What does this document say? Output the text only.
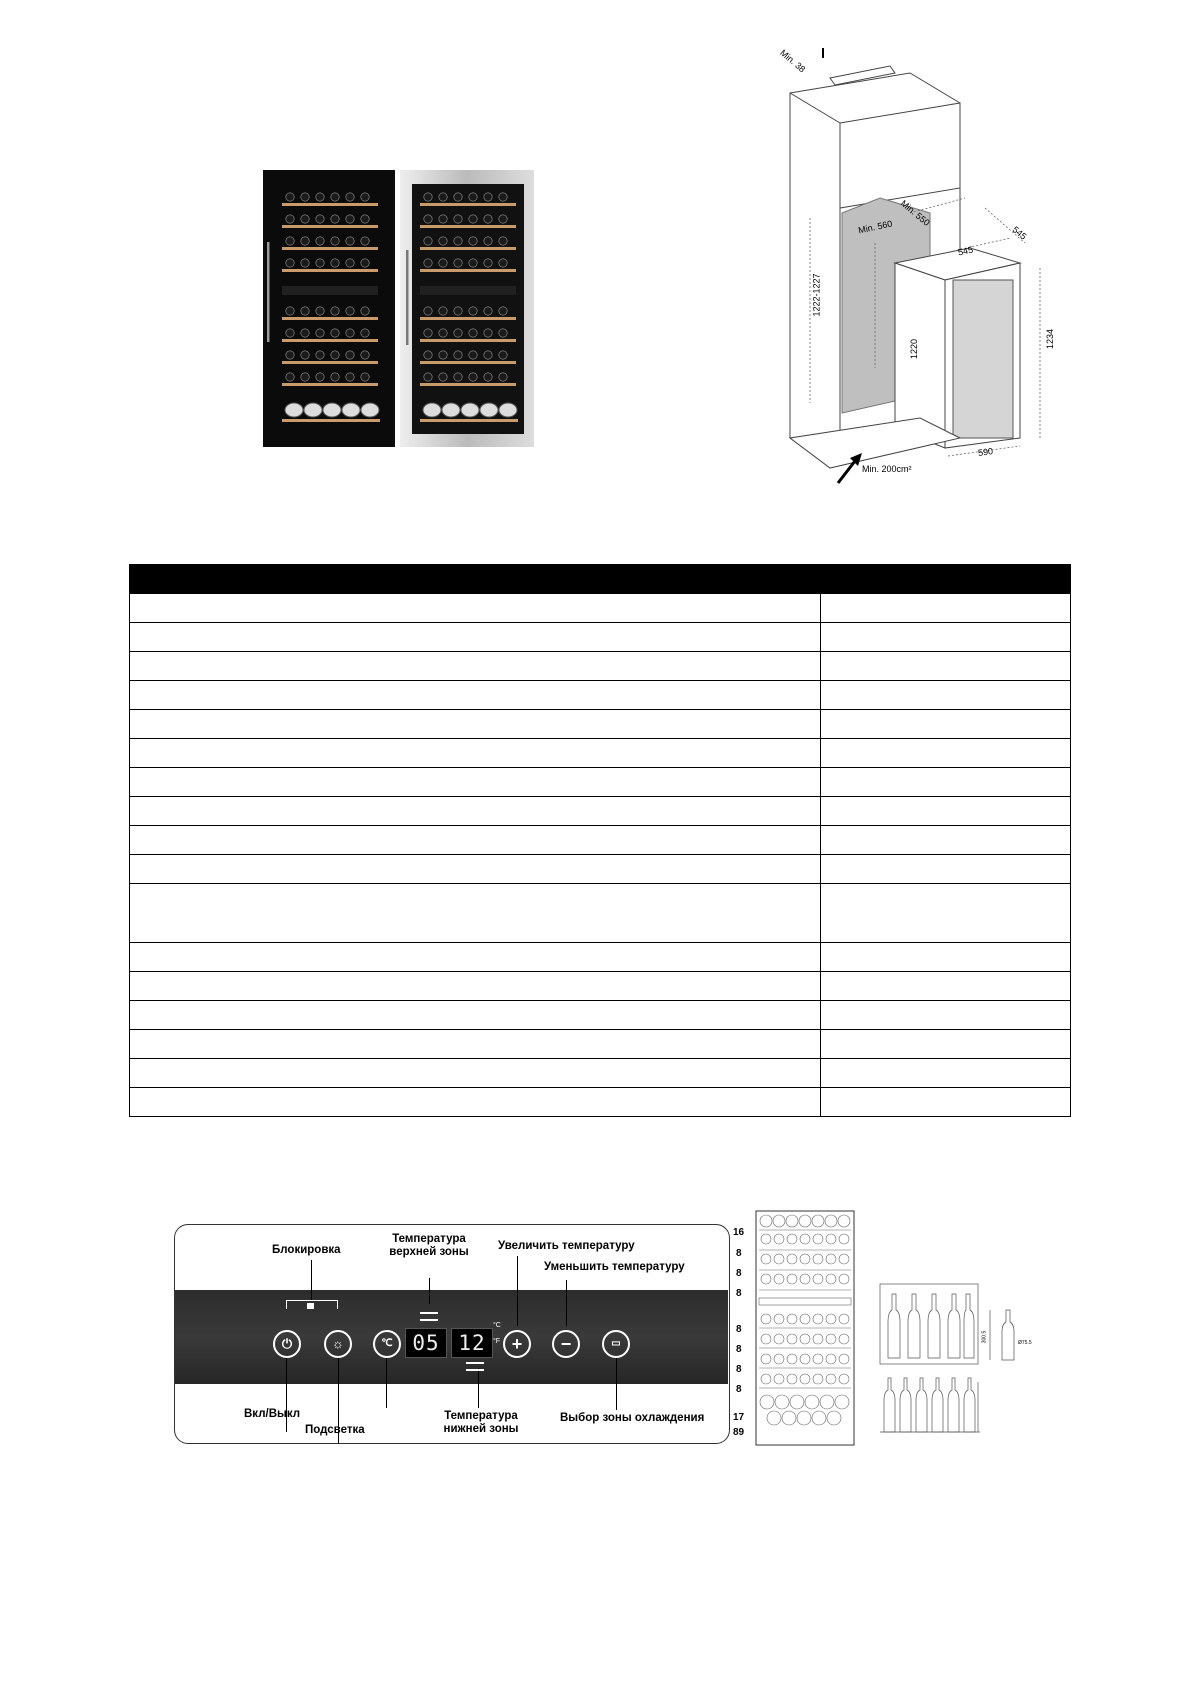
Min. 38
Min. 560 Min. 550
545
545
1222-1227
1220	1234
590
Min. 200cm²

Блокировка
Температура верхней зоны	Увеличить температуру
Уменьшить температуру
⏻	☼	℃	+	−	▭
05 12
°C
°F
Вкл/Выкл
Подсветка
Температура нижней зоны
Выбор зоны охлаждения
16
8
8
8
8
8
8
8
17
89
300.5	Ø75.5
